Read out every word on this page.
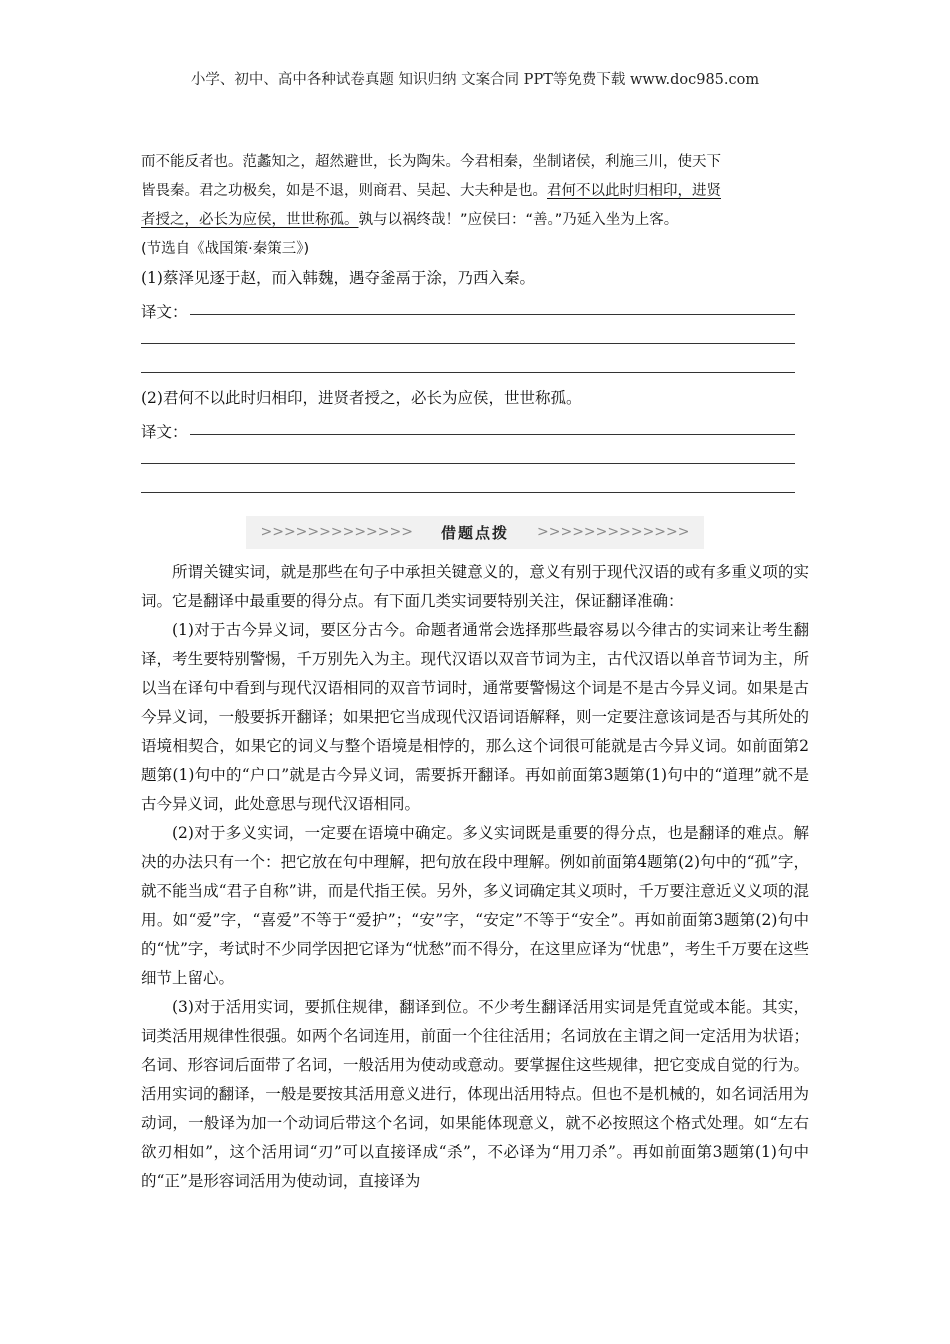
小学、初中、高中各种试卷真题 知识归纳 文案合同 PPT等免费下载 www.doc985.com
而不能反者也。范蠡知之，超然避世，长为陶朱。今君相秦，坐制诸侯，利施三川，使天下
皆畏秦。君之功极矣，如是不退，则商君、吴起、大夫种是也。君何不以此时归相印，进贤
者授之，必长为应侯，世世称孤。孰与以祸终哉！”应侯曰：“善。”乃延入坐为上客。
(节选自《战国策·秦策三》)
(1)蔡泽见逐于赵，而入韩魏，遇夺釜鬲于涂，乃西入秦。
译文：
(2)君何不以此时归相印，进贤者授之，必长为应侯，世世称孤。
译文：
>>>>>>>>>>>>> 借题点拨 >>>>>>>>>>>>>

所谓关键实词，就是那些在句子中承担关键意义的，意义有别于现代汉语的或有多重义项的实词。它是翻译中最重要的得分点。有下面几类实词要特别关注，保证翻译准确：

(1)对于古今异义词，要区分古今。命题者通常会选择那些最容易以今律古的实词来让考生翻译，考生要特别警惕，千万别先入为主。现代汉语以双音节词为主，古代汉语以单音节词为主，所以当在译句中看到与现代汉语相同的双音节词时，通常要警惕这个词是不是古今异义词。如果是古今异义词，一般要拆开翻译；如果把它当成现代汉语词语解释，则一定要注意该词是否与其所处的语境相契合，如果它的词义与整个语境是相悖的，那么这个词很可能就是古今异义词。如前面第2题第(1)句中的“户口”就是古今异义词，需要拆开翻译。再如前面第3题第(1)句中的“道理”就不是古今异义词，此处意思与现代汉语相同。

(2)对于多义实词，一定要在语境中确定。多义实词既是重要的得分点，也是翻译的难点。解决的办法只有一个：把它放在句中理解，把句放在段中理解。例如前面第4题第(2)句中的“孤”字，就不能当成“君子自称”讲，而是代指王侯。另外，多义词确定其义项时，千万要注意近义义项的混用。如“爱”字，“喜爱”不等于“爱护”；“安”字，“安定”不等于“安全”。再如前面第3题第(2)句中的“忧”字，考试时不少同学因把它译为“忧愁”而不得分，在这里应译为“忧患”，考生千万要在这些细节上留心。

(3)对于活用实词，要抓住规律，翻译到位。不少考生翻译活用实词是凭直觉或本能。其实，词类活用规律性很强。如两个名词连用，前面一个往往活用；名词放在主谓之间一定活用为状语；名词、形容词后面带了名词，一般活用为使动或意动。要掌握住这些规律，把它变成自觉的行为。活用实词的翻译，一般是要按其活用意义进行，体现出活用特点。但也不是机械的，如名词活用为动词，一般译为加一个动词后带这个名词，如果能体现意义，就不必按照这个格式处理。如“左右欲刃相如”，这个活用词“刃”可以直接译成“杀”，不必译为“用刀杀”。再如前面第3题第(1)句中的“正”是形容词活用为使动词，直接译为
